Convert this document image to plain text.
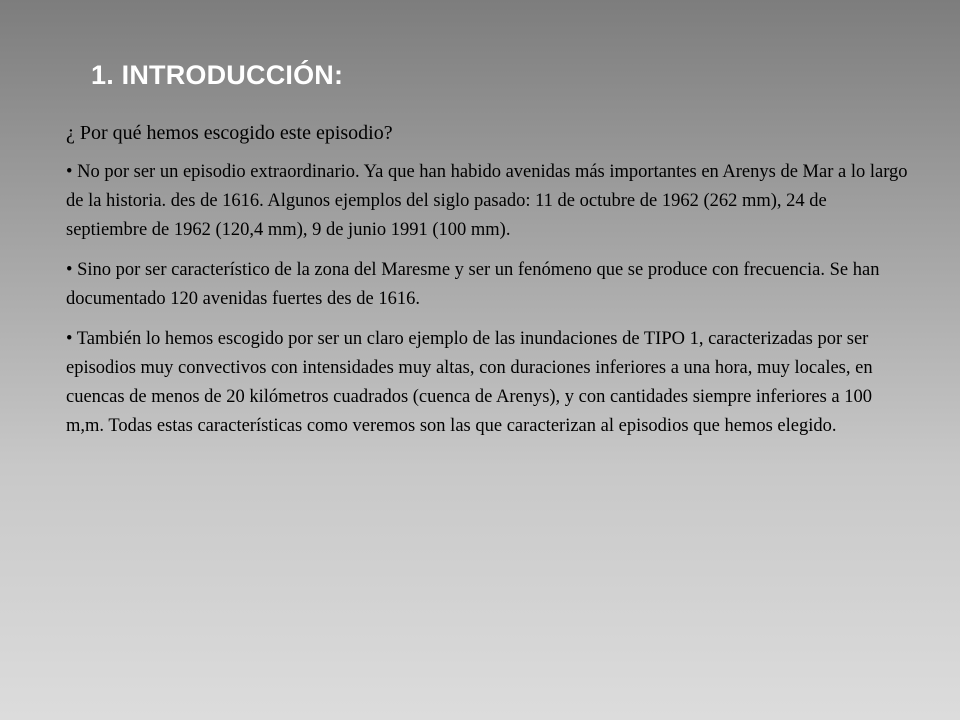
1. INTRODUCCIÓN:

¿ Por qué hemos escogido este episodio?

• No por ser un episodio extraordinario. Ya que han habido avenidas más importantes en Arenys de Mar a lo largo de la historia. des de 1616. Algunos ejemplos del siglo pasado: 11 de octubre de 1962 (262 mm), 24 de septiembre de 1962 (120,4 mm), 9 de junio 1991 (100 mm).

• Sino por ser característico de la zona del Maresme y ser un fenómeno que se produce con frecuencia. Se han documentado 120 avenidas fuertes des de 1616.

• También lo hemos escogido por ser un claro ejemplo de las inundaciones de TIPO 1, caracterizadas por ser episodios muy convectivos con intensidades muy altas, con duraciones inferiores a una hora, muy locales, en cuencas de menos de 20 kilómetros cuadrados (cuenca de Arenys), y con cantidades siempre inferiores a 100 m,m. Todas estas características como veremos son las que caracterizan al episodios que hemos elegido.
